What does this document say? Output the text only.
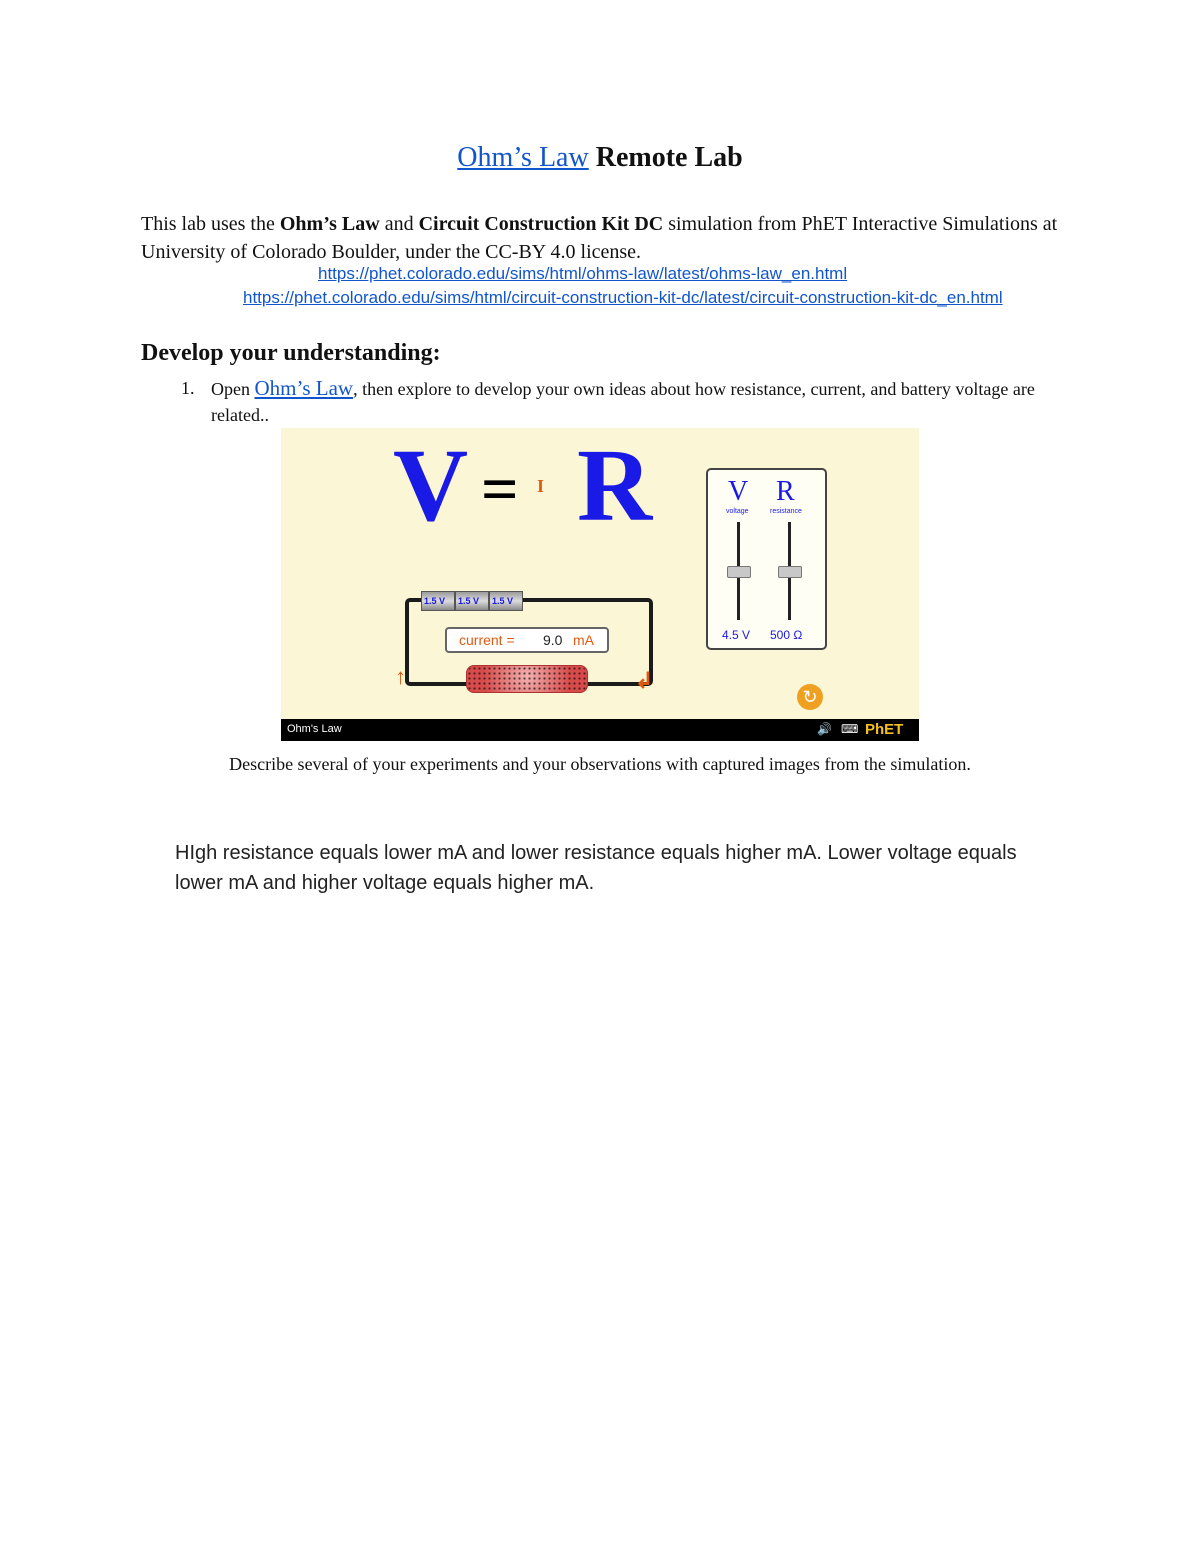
Ohm’s Law Remote Lab
This lab uses the Ohm’s Law and Circuit Construction Kit DC simulation from PhET Interactive Simulations at University of Colorado Boulder, under the CC-BY 4.0 license.
https://phet.colorado.edu/sims/html/ohms-law/latest/ohms-law_en.html
https://phet.colorado.edu/sims/html/circuit-construction-kit-dc/latest/circuit-construction-kit-dc_en.html
Develop your understanding:
1. Open Ohm’s Law, then explore to develop your own ideas about how resistance, current, and battery voltage are related..
V = I R	V R
voltage	resistance
4.5 V 500 Ω
1.5 V	1.5 V	1.5 V
current = 9.0 mA
↑	↲
↻
Ohm's Law	🔊 ⌨ PhET
Describe several of your experiments and your observations with captured images from the simulation.
HIgh resistance equals lower mA and lower resistance equals higher mA. Lower voltage equals lower mA and higher voltage equals higher mA.
